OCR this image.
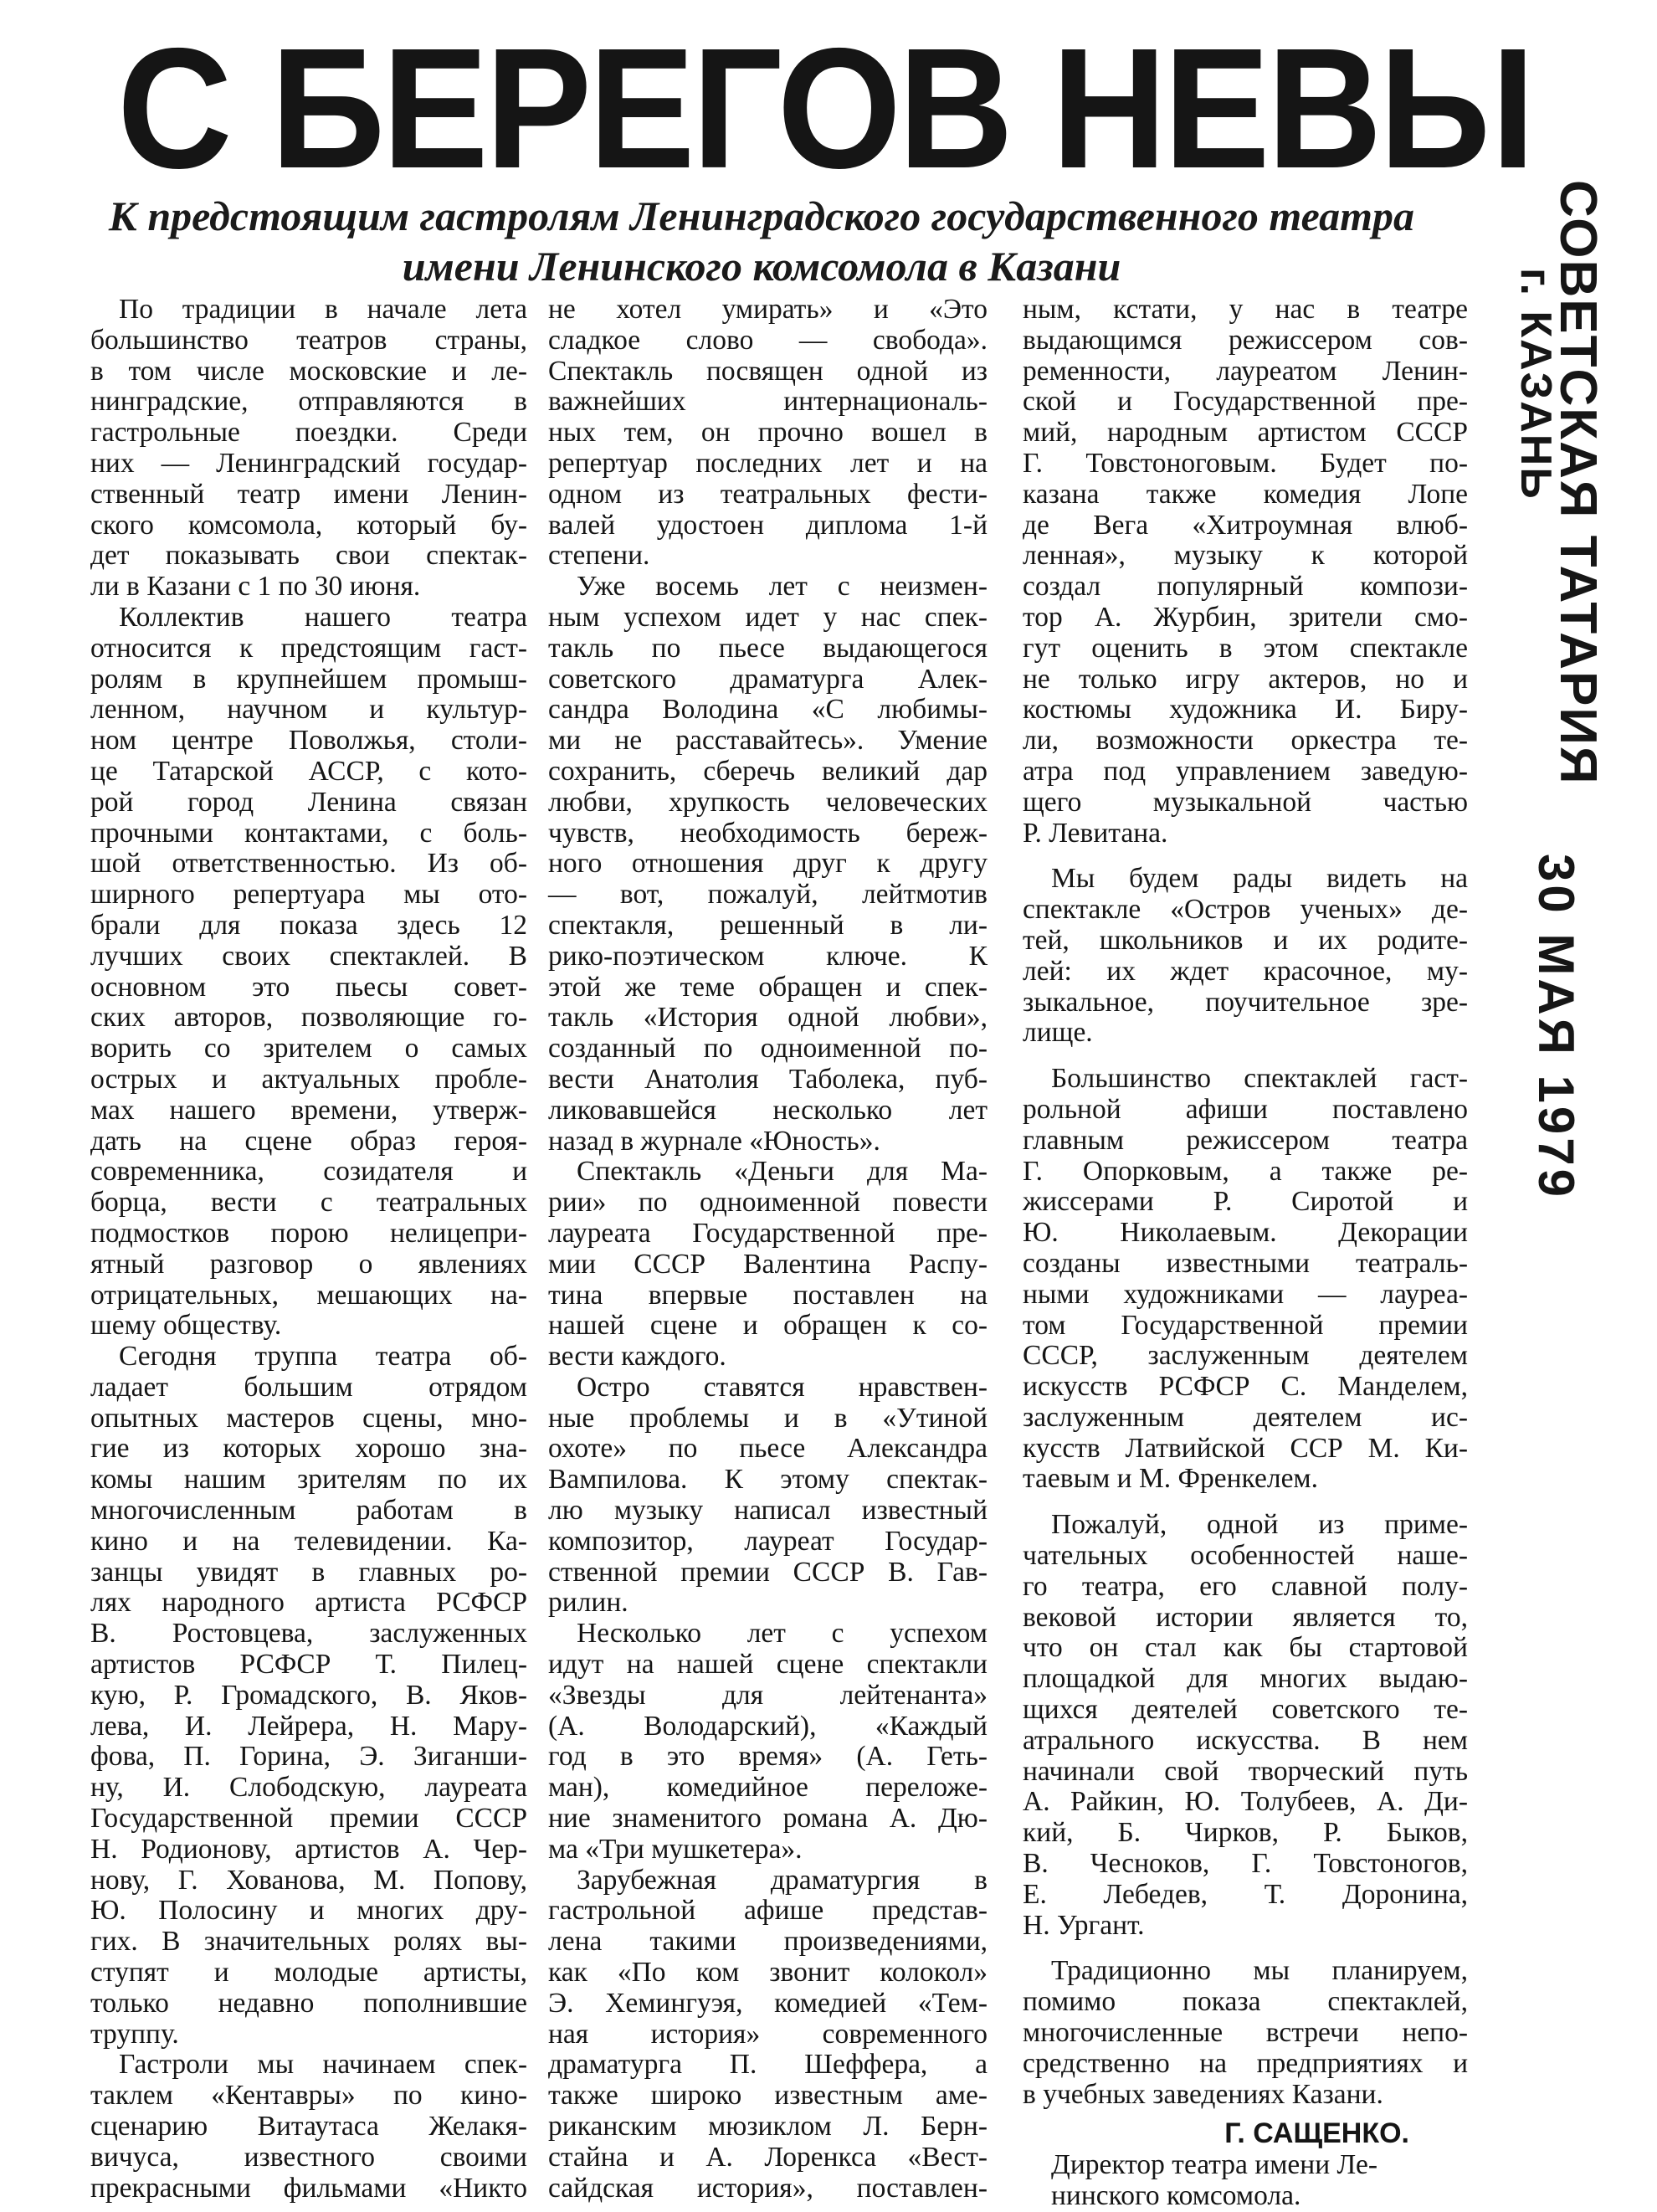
С БЕРЕГОВ НЕВЫ
К предстоящим гастролям Ленинградского государственного театра
имени Ленинского комсомола в Казани
По традиции в начале лета
большинство театров страны,
в том числе московские и ле-
нинградские, отправляются в
гастрольные поездки. Среди
них — Ленинградский государ-
ственный театр имени Ленин-
ского комсомола, который бу-
дет показывать свои спектак-
ли в Казани с 1 по 30 июня.
Коллектив нашего театра
относится к предстоящим гаст-
ролям в крупнейшем промыш-
ленном, научном и культур-
ном центре Поволжья, столи-
це Татарской АССР, с кото-
рой город Ленина связан
прочными контактами, с боль-
шой ответственностью. Из об-
ширного репертуара мы ото-
брали для показа здесь 12
лучших своих спектаклей. В
основном это пьесы совет-
ских авторов, позволяющие го-
ворить со зрителем о самых
острых и актуальных пробле-
мах нашего времени, утверж-
дать на сцене образ героя-
современника, созидателя и
борца, вести с театральных
подмостков порою нелицепри-
ятный разговор о явлениях
отрицательных, мешающих на-
шему обществу.
Сегодня труппа театра об-
ладает большим отрядом
опытных мастеров сцены, мно-
гие из которых хорошо зна-
комы нашим зрителям по их
многочисленным работам в
кино и на телевидении. Ка-
занцы увидят в главных ро-
лях народного артиста РСФСР
В. Ростовцева, заслуженных
артистов РСФСР Т. Пилец-
кую, Р. Громадского, В. Яков-
лева, И. Лейрера, Н. Мару-
фова, П. Горина, Э. Зиганши-
ну, И. Слободскую, лауреата
Государственной премии СССР
Н. Родионову, артистов А. Чер-
нову, Г. Хованова, М. Попову,
Ю. Полосину и многих дру-
гих. В значительных ролях вы-
ступят и молодые артисты,
только недавно пополнившие
труппу.
Гастроли мы начинаем спек-
таклем «Кентавры» по кино-
сценарию Витаутаса Желакя-
вичуса, известного своими
прекрасными фильмами «Никто
не хотел умирать» и «Это
сладкое слово — свобода».
Спектакль посвящен одной из
важнейших интернациональ-
ных тем, он прочно вошел в
репертуар последних лет и на
одном из театральных фести-
валей удостоен диплома 1-й
степени.
Уже восемь лет с неизмен-
ным успехом идет у нас спек-
такль по пьесе выдающегося
советского драматурга Алек-
сандра Володина «С любимы-
ми не расставайтесь». Умение
сохранить, сберечь великий дар
любви, хрупкость человеческих
чувств, необходимость береж-
ного отношения друг к другу
— вот, пожалуй, лейтмотив
спектакля, решенный в ли-
рико-поэтическом ключе. К
этой же теме обращен и спек-
такль «История одной любви»,
созданный по одноименной по-
вести Анатолия Таболека, пуб-
ликовавшейся несколько лет
назад в журнале «Юность».
Спектакль «Деньги для Ма-
рии» по одноименной повести
лауреата Государственной пре-
мии СССР Валентина Распу-
тина впервые поставлен на
нашей сцене и обращен к со-
вести каждого.
Остро ставятся нравствен-
ные проблемы и в «Утиной
охоте» по пьесе Александра
Вампилова. К этому спектак-
лю музыку написал известный
композитор, лауреат Государ-
ственной премии СССР В. Гав-
рилин.
Несколько лет с успехом
идут на нашей сцене спектакли
«Звезды для лейтенанта»
(А. Володарский), «Каждый
год в это время» (А. Геть-
ман), комедийное переложе-
ние знаменитого романа А. Дю-
ма «Три мушкетера».
Зарубежная драматургия в
гастрольной афише представ-
лена такими произведениями,
как «По ком звонит колокол»
Э. Хемингуэя, комедией «Тем-
ная история» современного
драматурга П. Шеффера, а
также широко известным аме-
риканским мюзиклом Л. Берн-
стайна и А. Лоренкса «Вест-
сайдская история», поставлен-
ным, кстати, у нас в театре
выдающимся режиссером сов-
ременности, лауреатом Ленин-
ской и Государственной пре-
мий, народным артистом СССР
Г. Товстоноговым. Будет по-
казана также комедия Лопе
де Вега «Хитроумная влюб-
ленная», музыку к которой
создал популярный компози-
тор А. Журбин, зрители смо-
гут оценить в этом спектакле
не только игру актеров, но и
костюмы художника И. Биру-
ли, возможности оркестра те-
атра под управлением заведую-
щего музыкальной частью
Р. Левитана.
Мы будем рады видеть на
спектакле «Остров ученых» де-
тей, школьников и их родите-
лей: их ждет красочное, му-
зыкальное, поучительное зре-
лище.
Большинство спектаклей гаст-
рольной афиши поставлено
главным режиссером театра
Г. Опорковым, а также ре-
жиссерами Р. Сиротой и
Ю. Николаевым. Декорации
созданы известными театраль-
ными художниками — лауреа-
том Государственной премии
СССР, заслуженным деятелем
искусств РСФСР С. Манделем,
заслуженным деятелем ис-
кусств Латвийской ССР М. Ки-
таевым и М. Френкелем.
Пожалуй, одной из приме-
чательных особенностей наше-
го театра, его славной полу-
вековой истории является то,
что он стал как бы стартовой
площадкой для многих выдаю-
щихся деятелей советского те-
атрального искусства. В нем
начинали свой творческий путь
А. Райкин, Ю. Толубеев, А. Ди-
кий, Б. Чирков, Р. Быков,
В. Чесноков, Г. Товстоногов,
Е. Лебедев, Т. Доронина,
Н. Ургант.
Традиционно мы планируем,
помимо показа спектаклей,
многочисленные встречи непо-
средственно на предприятиях и
в учебных заведениях Казани.
Г. САЩЕНКО.
Директор театра имени Ле-
нинского комсомола.
СОВЕТСКАЯ ТАТАРИЯ
г. КАЗАНЬ
30 МАЯ 1979
